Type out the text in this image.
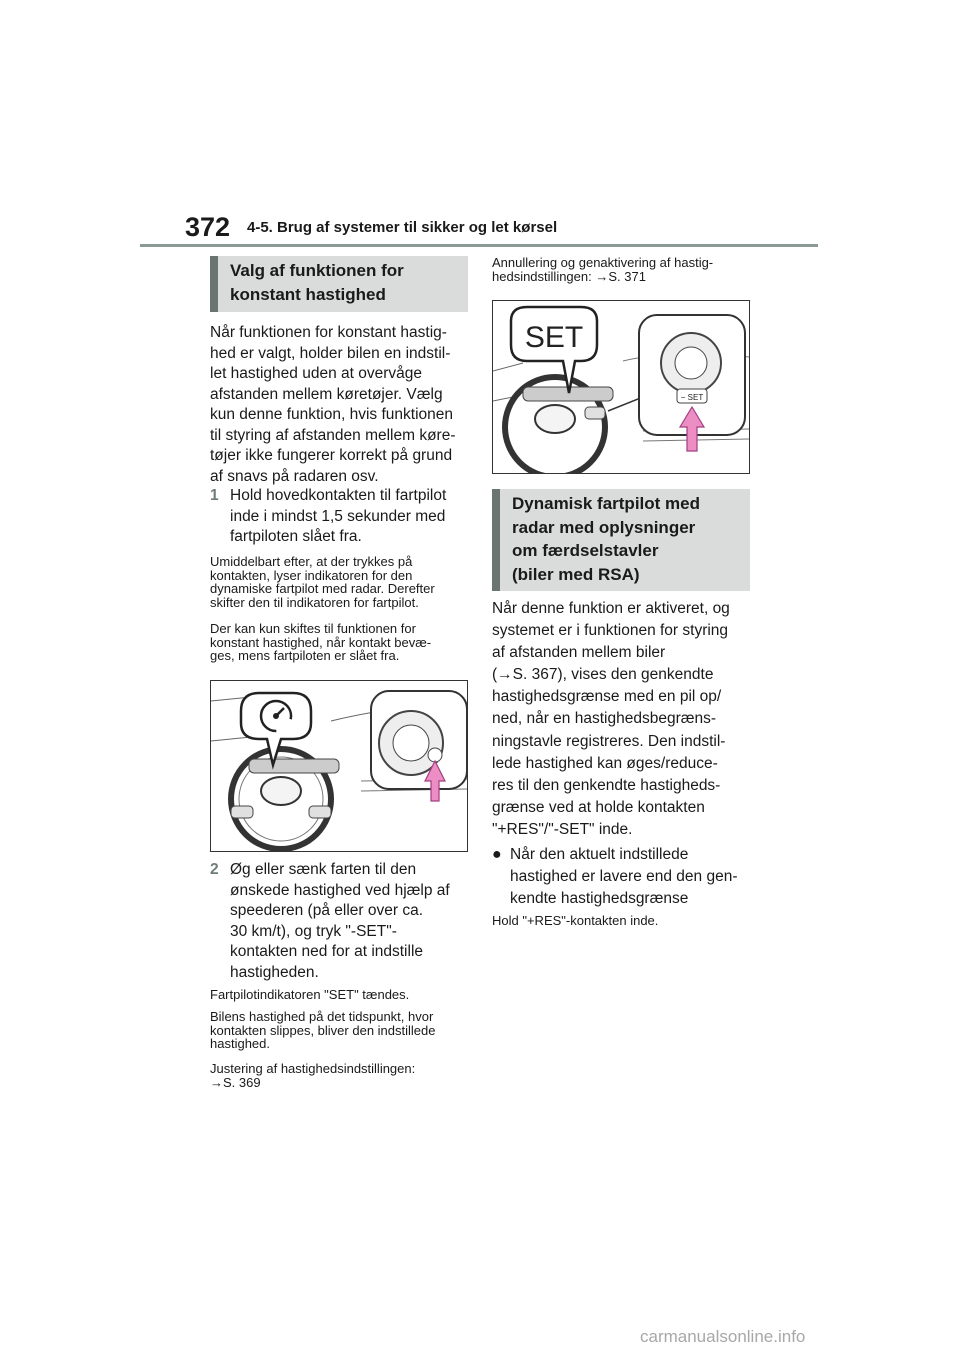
372 4-5. Brug af systemer til sikker og let kørsel
Valg af funktionen for
konstant hastighed
Når funktionen for konstant hastig-
hed er valgt, holder bilen en indstil-
let hastighed uden at overvåge
afstanden mellem køretøjer. Vælg
kun denne funktion, hvis funktionen
til styring af afstanden mellem køre-
tøjer ikke fungerer korrekt på grund
af snavs på radaren osv.
1 Hold hovedkontakten til fartpilot
inde i mindst 1,5 sekunder med
fartpiloten slået fra.
Umiddelbart efter, at der trykkes på
kontakten, lyser indikatoren for den
dynamiske fartpilot med radar. Derefter
skifter den til indikatoren for fartpilot.
Der kan kun skiftes til funktionen for
konstant hastighed, når kontakt bevæ-
ges, mens fartpiloten er slået fra.
2 Øg eller sænk farten til den
ønskede hastighed ved hjælp af
speederen (på eller over ca.
30 km/t), og tryk "-SET"-
kontakten ned for at indstille
hastigheden.
Fartpilotindikatoren "SET" tændes.
Bilens hastighed på det tidspunkt, hvor
kontakten slippes, bliver den indstillede
hastighed.
Justering af hastighedsindstillingen:
→S. 369
Annullering og genaktivering af hastig-
hedsindstillingen: →S. 371
SET
− SET
Dynamisk fartpilot med
radar med oplysninger
om færdselstavler
(biler med RSA)
Når denne funktion er aktiveret, og
systemet er i funktionen for styring
af afstanden mellem biler
(→S. 367), vises den genkendte
hastighedsgrænse med en pil op/
ned, når en hastighedsbegræns-
ningstavle registreres. Den indstil-
lede hastighed kan øges/reduce-
res til den genkendte hastigheds-
grænse ved at holde kontakten
"+RES"/"-SET" inde.
● Når den aktuelt indstillede
hastighed er lavere end den gen-
kendte hastighedsgrænse
Hold "+RES"-kontakten inde.
carmanualsonline.info
